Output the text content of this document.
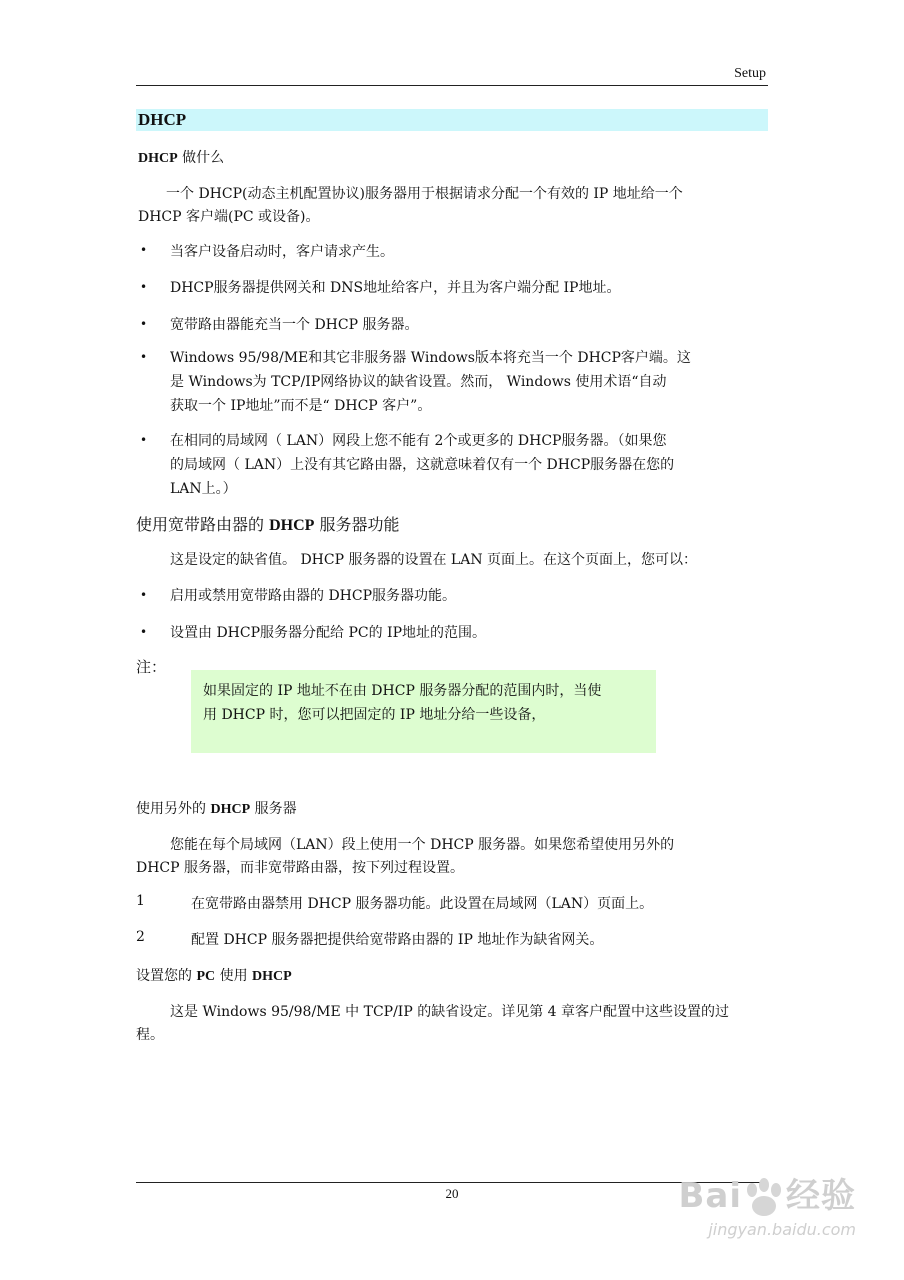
Setup
DHCP
DHCP 做什么
一个 DHCP(动态主机配置协议)服务器用于根据请求分配一个有效的 IP 地址给一个
DHCP 客户端(PC 或设备)。
• 当客户设备启动时，客户请求产生。
• DHCP服务器提供网关和 DNS地址给客户，并且为客户端分配 IP地址。
• 宽带路由器能充当一个 DHCP 服务器。
• Windows 95/98/ME和其它非服务器 Windows版本将充当一个 DHCP客户端。这
是 Windows为 TCP/IP网络协议的缺省设置。然而， Windows 使用术语“自动
获取一个 IP地址”而不是“ DHCP 客户”。
• 在相同的局域网（ LAN）网段上您不能有 2个或更多的 DHCP服务器。（如果您
的局域网（ LAN）上没有其它路由器，这就意味着仅有一个 DHCP服务器在您的
LAN上。）
使用宽带路由器的 DHCP 服务器功能
这是设定的缺省值。 DHCP 服务器的设置在 LAN 页面上。在这个页面上，您可以：
• 启用或禁用宽带路由器的 DHCP服务器功能。
• 设置由 DHCP服务器分配给 PC的 IP地址的范围。
注：
如果固定的 IP 地址不在由 DHCP 服务器分配的范围内时，当使
用 DHCP 时，您可以把固定的 IP 地址分给一些设备，
使用另外的 DHCP 服务器
您能在每个局域网（LAN）段上使用一个 DHCP 服务器。如果您希望使用另外的
DHCP 服务器，而非宽带路由器，按下列过程设置。
1	在宽带路由器禁用 DHCP 服务器功能。此设置在局域网（LAN）页面上。
2	配置 DHCP 服务器把提供给宽带路由器的 IP 地址作为缺省网关。
设置您的 PC 使用 DHCP
这是 Windows 95/98/ME 中 TCP/IP 的缺省设定。详见第 4 章客户配置中这些设置的过
程。
20	Bai 经验
jingyan.baidu.com
